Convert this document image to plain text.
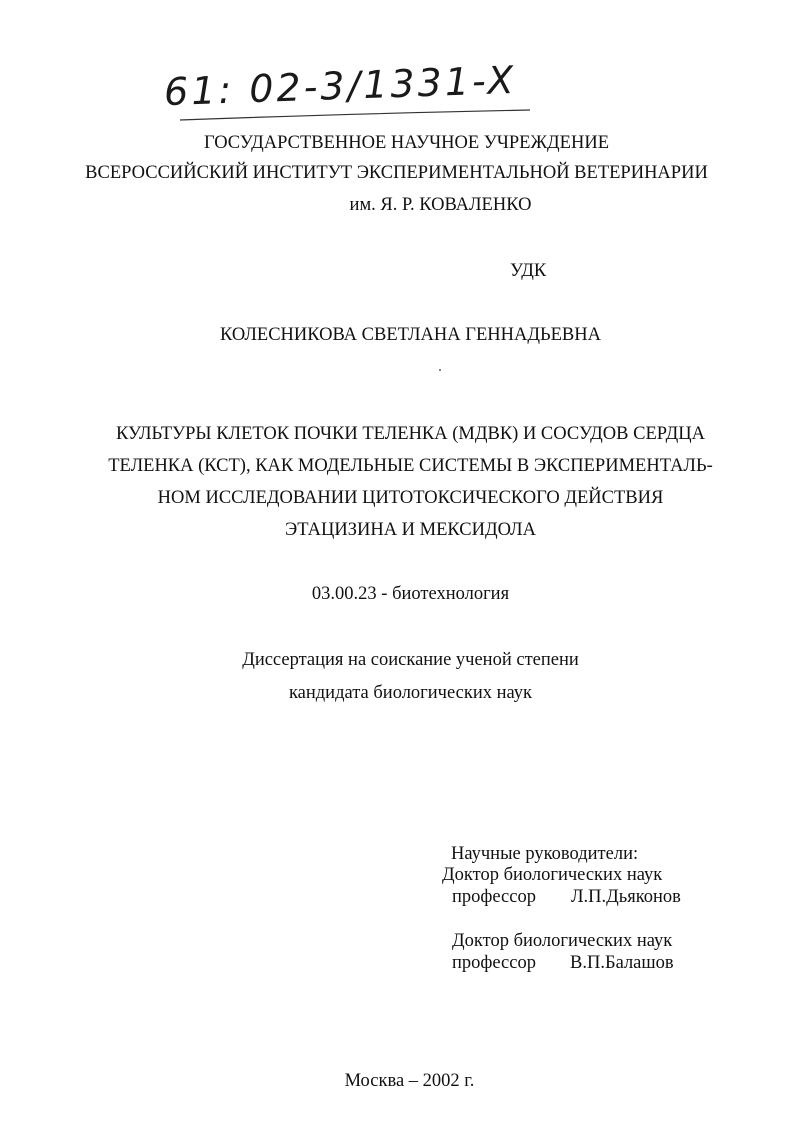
61: 02-3/1331-X
ГОСУДАРСТВЕННОЕ НАУЧНОЕ УЧРЕЖДЕНИЕ
ВСЕРОССИЙСКИЙ ИНСТИТУТ ЭКСПЕРИМЕНТАЛЬНОЙ ВЕТЕРИНАРИИ
им. Я. Р. КОВАЛЕНКО
УДК
КОЛЕСНИКОВА СВЕТЛАНА ГЕННАДЬЕВНА
КУЛЬТУРЫ КЛЕТОК ПОЧКИ ТЕЛЕНКА (МДВК) И СОСУДОВ СЕРДЦА
ТЕЛЕНКА (КСТ), КАК МОДЕЛЬНЫЕ СИСТЕМЫ В ЭКСПЕРИМЕНТАЛЬ-
НОМ ИССЛЕДОВАНИИ ЦИТОТОКСИЧЕСКОГО ДЕЙСТВИЯ
ЭТАЦИЗИНА И МЕКСИДОЛА
03.00.23 - биотехнология
Диссертация на соискание ученой степени
кандидата биологических наук
Научные руководители:
Доктор биологических наук
профессор Л.П.Дьяконов
Доктор биологических наук
профессор В.П.Балашов
Москва – 2002 г.
